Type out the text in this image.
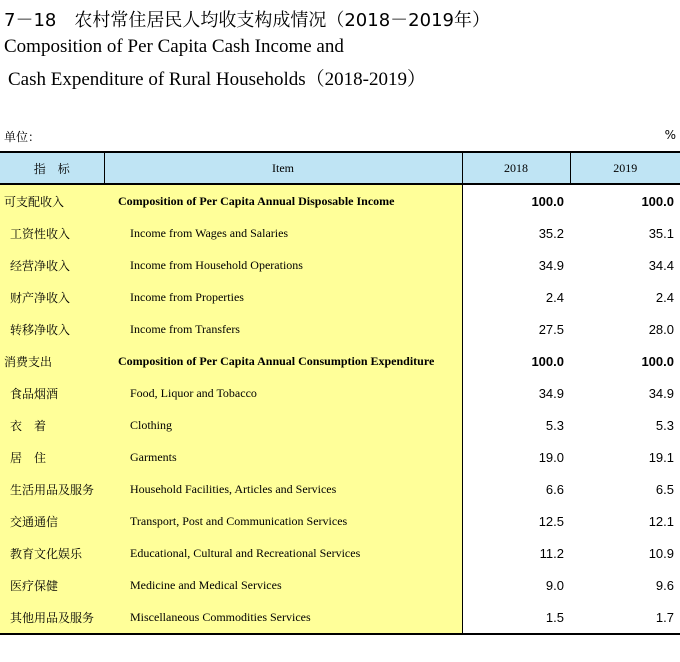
7－18　农村常住居民人均收支构成情况（2018－2019年）
Composition of Per Capita Cash Income and
Cash Expenditure of Rural Households（2018-2019）
单位：	%
指　标	Item	2018	2019
可支配收入	Composition of Per Capita Annual Disposable Income	100.0	100.0
工资性收入	Income from Wages and Salaries	35.2	35.1
经营净收入	Income from Household Operations	34.9	34.4
财产净收入	Income from Properties	2.4	2.4
转移净收入	Income from Transfers	27.5	28.0
消费支出	Composition of Per Capita Annual Consumption Expenditure	100.0	100.0
食品烟酒	Food, Liquor and Tobacco	34.9	34.9
衣　着	Clothing	5.3	5.3
居　住	Garments	19.0	19.1
生活用品及服务	Household Facilities, Articles and Services	6.6	6.5
交通通信	Transport, Post and Communication Services	12.5	12.1
教育文化娱乐	Educational, Cultural and Recreational Services	11.2	10.9
医疗保健	Medicine and Medical Services	9.0	9.6
其他用品及服务	Miscellaneous Commodities Services	1.5	1.7
